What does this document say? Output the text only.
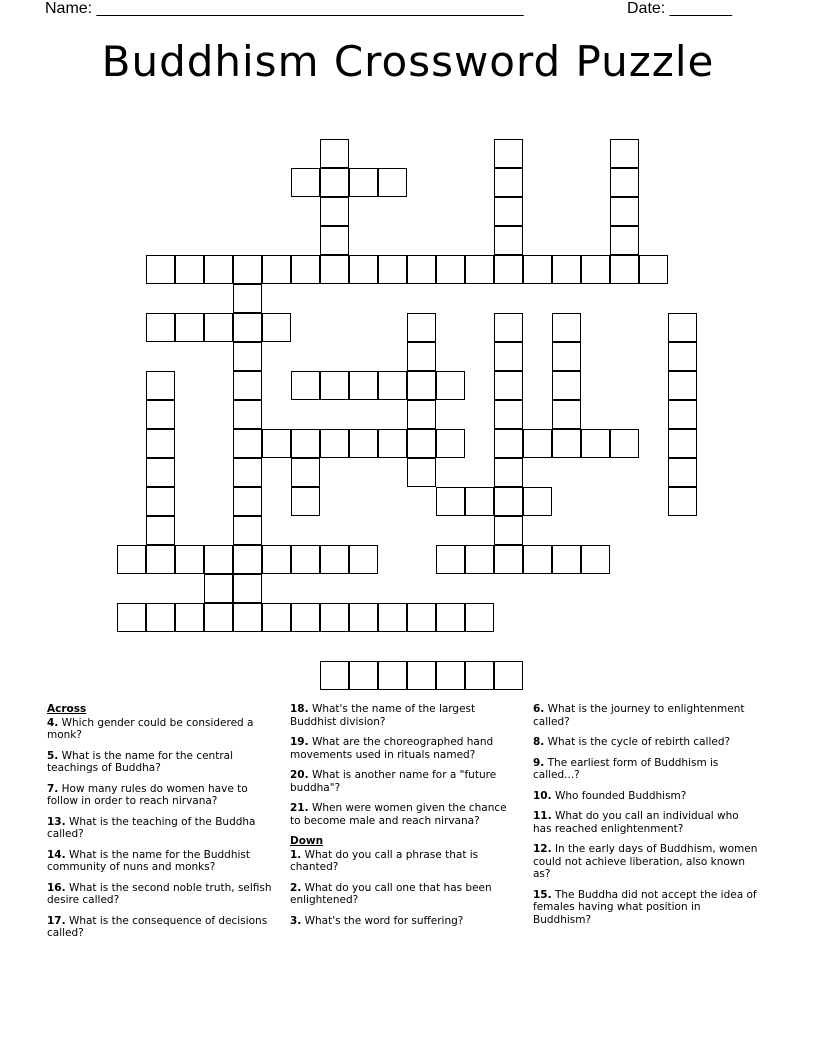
Name: ________________________________________________	Date: _______
Buddhism Crossword Puzzle
Across
4. Which gender could be considered a monk?
5. What is the name for the central teachings of Buddha?
7. How many rules do women have to follow in order to reach nirvana?
13. What is the teaching of the Buddha called?
14. What is the name for the Buddhist community of nuns and monks?
16. What is the second noble truth, selfish desire called?
17. What is the consequence of decisions called?
18. What's the name of the largest Buddhist division?
19. What are the choreographed hand movements used in rituals named?
20. What is another name for a "future buddha"?
21. When were women given the chance to become male and reach nirvana?
Down
1. What do you call a phrase that is chanted?
2. What do you call one that has been enlightened?
3. What's the word for suffering?
6. What is the journey to enlightenment called?
8. What is the cycle of rebirth called?
9. The earliest form of Buddhism is called...?
10. Who founded Buddhism?
11. What do you call an individual who has reached enlightenment?
12. In the early days of Buddhism, women could not achieve liberation, also known as?
15. The Buddha did not accept the idea of females having what position in Buddhism?
